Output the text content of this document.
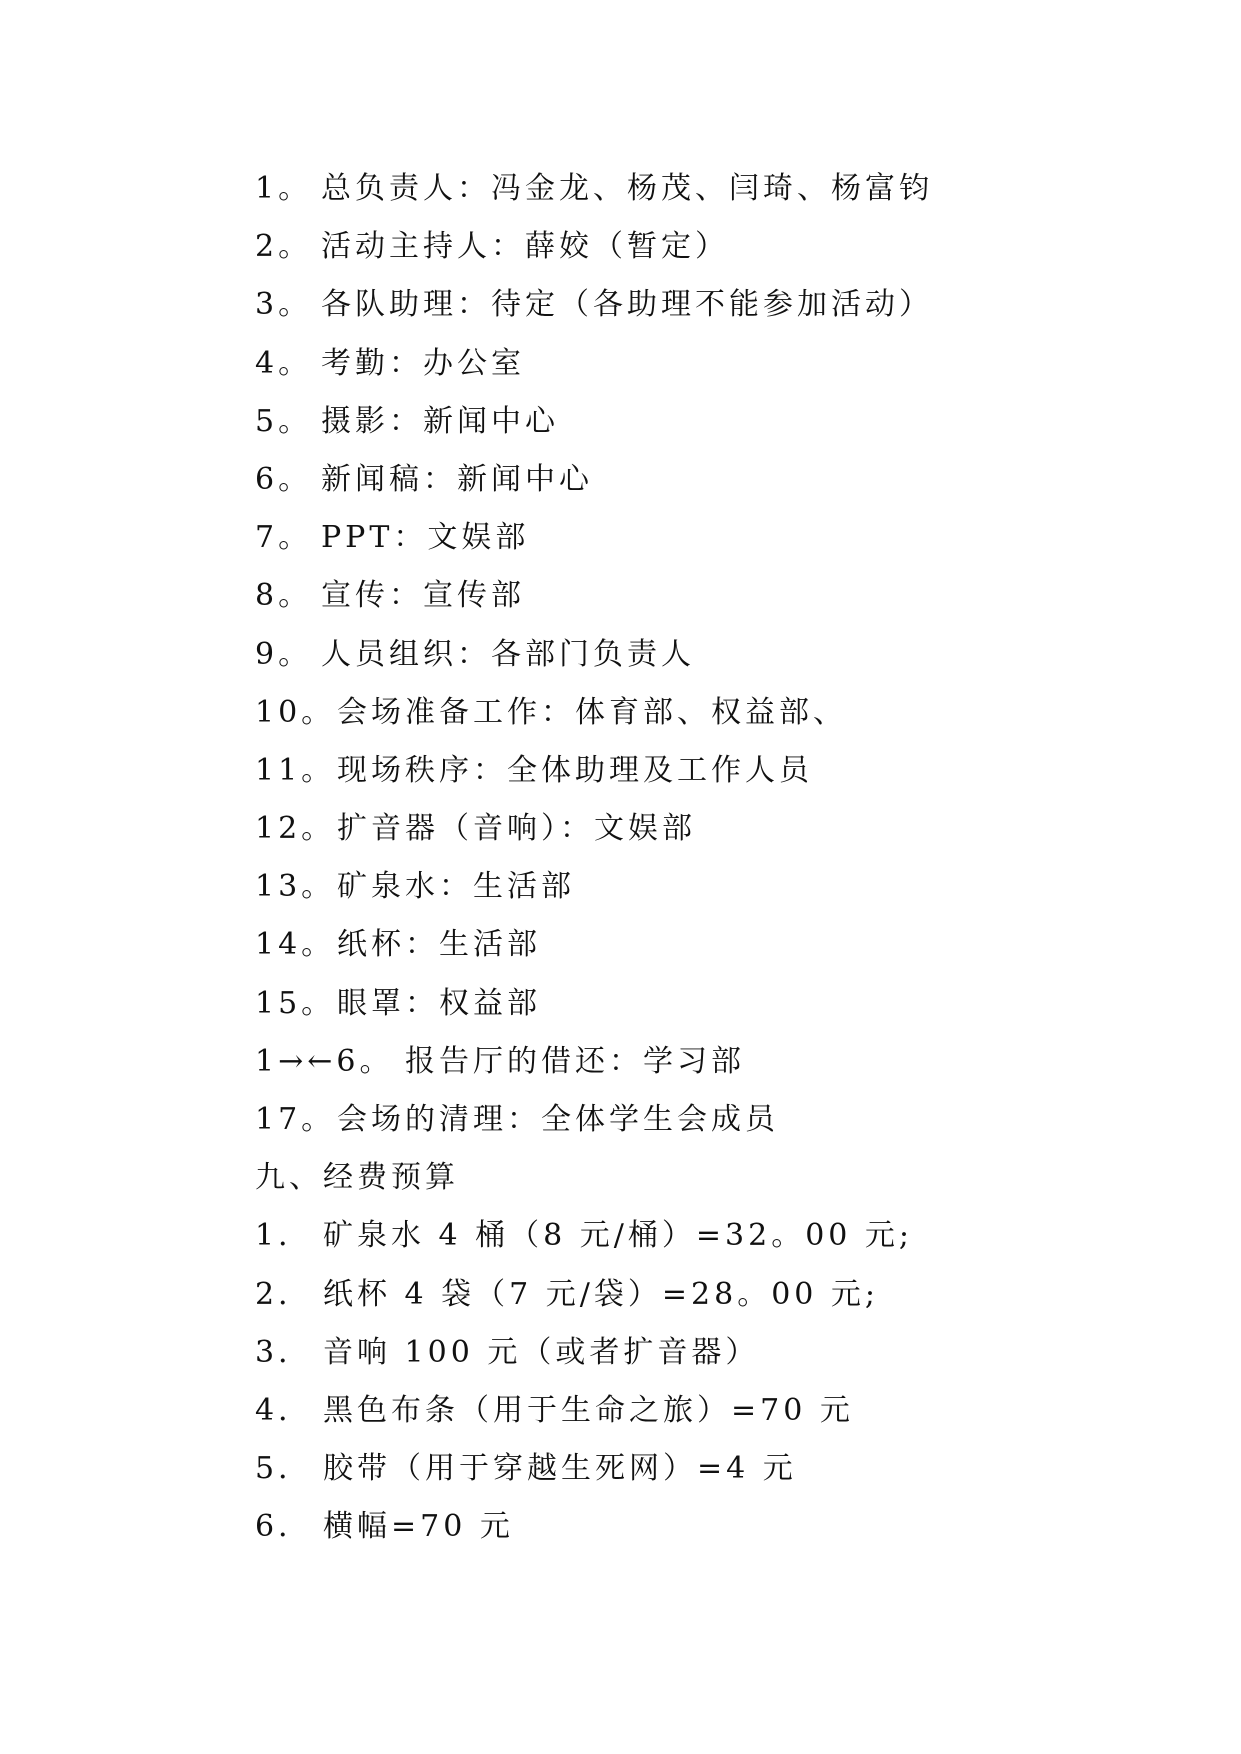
1。 总负责人：冯金龙、杨茂、闫琦、杨富钧
2。 活动主持人：薛姣（暂定）
3。 各队助理：待定（各助理不能参加活动）
4。 考勤：办公室
5。 摄影：新闻中心
6。 新闻稿：新闻中心
7。 PPT：文娱部
8。 宣传：宣传部
9。 人员组织：各部门负责人
10。会场准备工作：体育部、权益部、
11。现场秩序：全体助理及工作人员
12。扩音器（音响）：文娱部
13。矿泉水：生活部
14。纸杯：生活部
15。眼罩：权益部
1→←6。 报告厅的借还：学习部
17。会场的清理：全体学生会成员
九、经费预算
1． 矿泉水 4 桶（8 元/桶）=32。00 元;
2． 纸杯 4 袋（7 元/袋）=28。00 元;
3． 音响 100 元（或者扩音器）
4． 黑色布条（用于生命之旅）=70 元
5． 胶带（用于穿越生死网）=4 元
6． 横幅=70 元
